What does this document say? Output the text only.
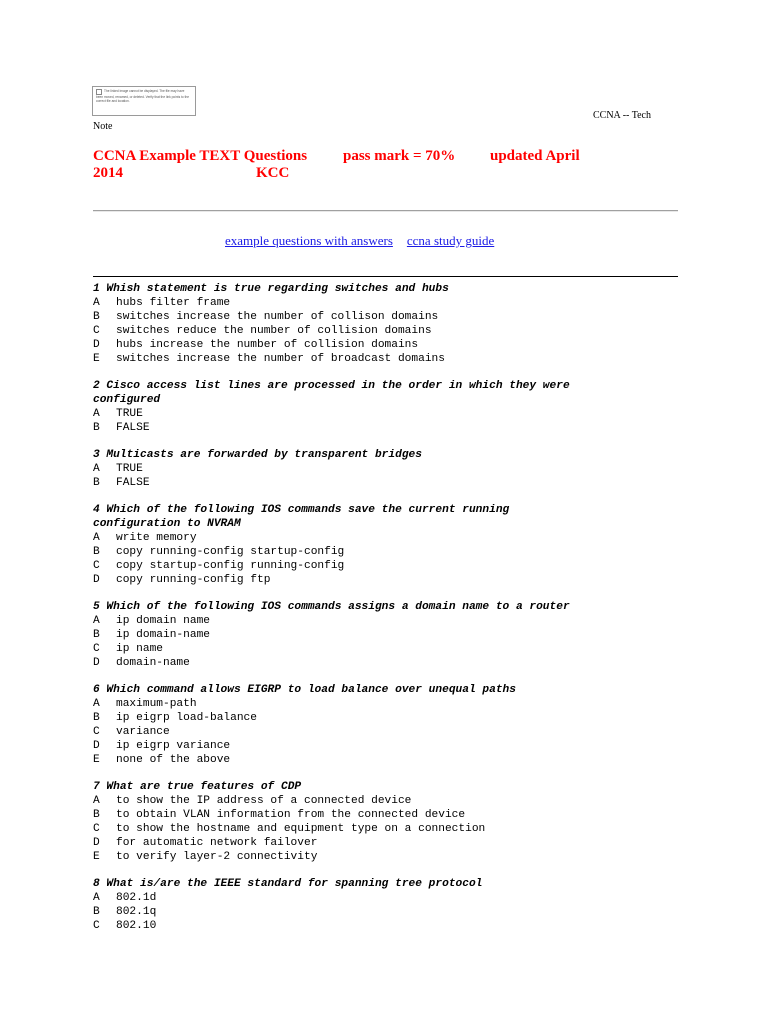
The linked image cannot be displayed. The file may have been moved, renamed, or deleted. Verify that the link points to the correct file and location.
CCNA -- Tech
Note
CCNA Example TEXT Questions pass mark = 70% updated April
2014	KCC
example questions with answers ccna study guide
1 Whish statement is true regarding switches and hubs
A hubs filter frame
B switches increase the number of collison domains
C switches reduce the number of collision domains
D hubs increase the number of collision domains
E switches increase the number of broadcast domains
2 Cisco access list lines are processed in the order in which they were
configured
A TRUE
B FALSE
3 Multicasts are forwarded by transparent bridges
A TRUE
B FALSE
4 Which of the following IOS commands save the current running
configuration to NVRAM
A write memory
B copy running-config startup-config
C copy startup-config running-config
D copy running-config ftp
5 Which of the following IOS commands assigns a domain name to a router
A ip domain name
B ip domain-name
C ip name
D domain-name
6 Which command allows EIGRP to load balance over unequal paths
A maximum-path
B ip eigrp load-balance
C variance
D ip eigrp variance
E none of the above
7 What are true features of CDP
A to show the IP address of a connected device
B to obtain VLAN information from the connected device
C to show the hostname and equipment type on a connection
D for automatic network failover
E to verify layer-2 connectivity
8 What is/are the IEEE standard for spanning tree protocol
A 802.1d
B 802.1q
C 802.10
